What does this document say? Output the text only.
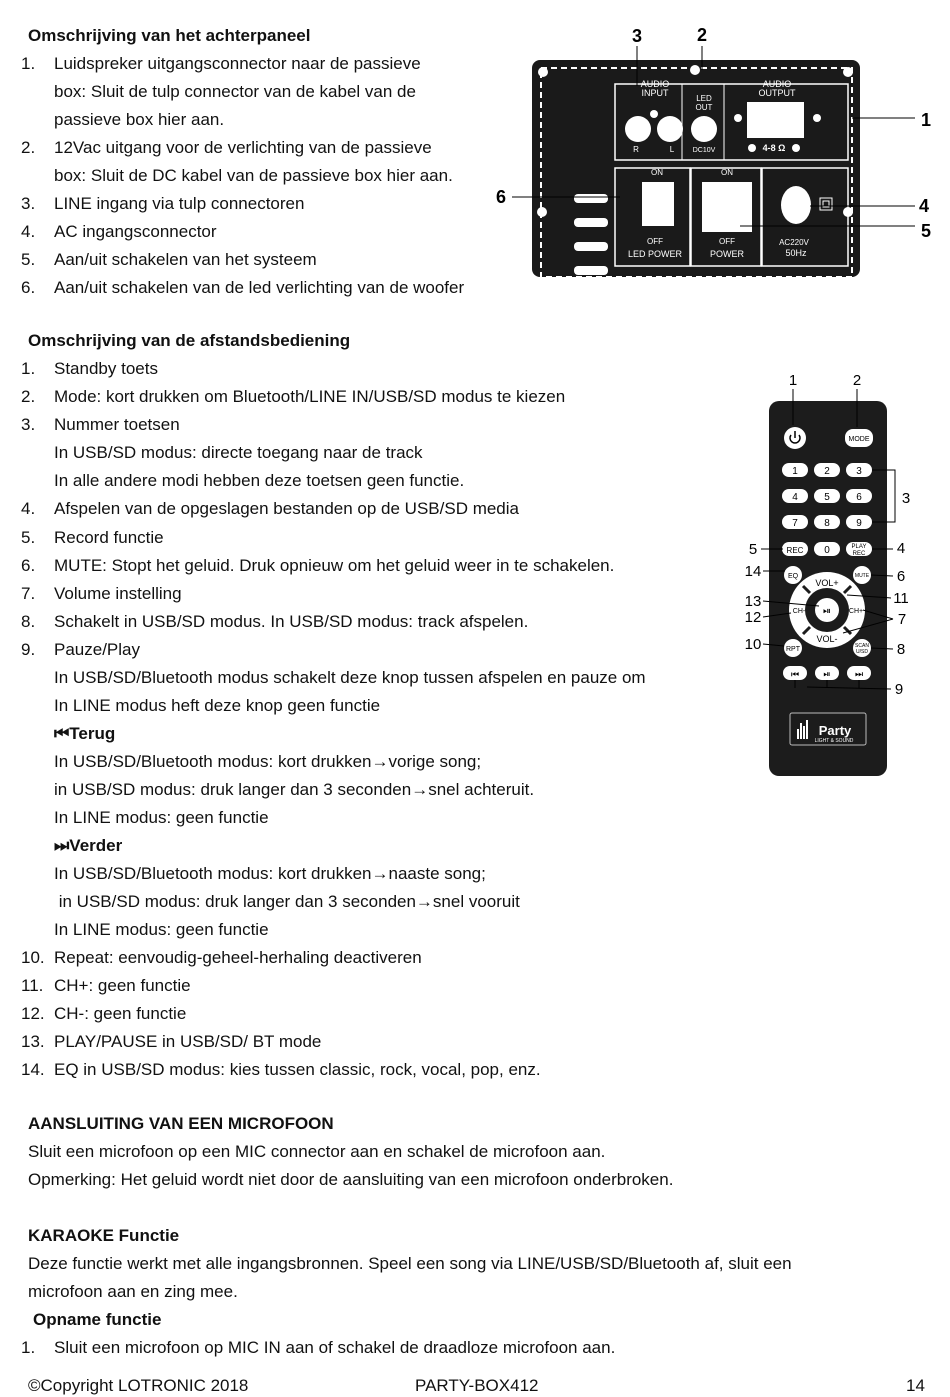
Omschrijving van het achterpaneel
1.	Luidspreker uitgangsconnector naar de passieve
box: Sluit de tulp connector van de kabel van de
passieve box hier aan.
2.	12Vac uitgang voor de verlichting van de passieve
box: Sluit de DC kabel van de passieve box hier aan.
3.	LINE ingang via tulp connectoren
4.	AC ingangsconnector
5.	Aan/uit schakelen van het systeem
6.	Aan/uit schakelen van de led verlichting van de woofer
AUDIO
INPUT
LED
OUT
AUDIO
OUTPUT
R	L	DC10V	4-8 Ω
ON
OFF
LED POWER
ON
OFF
POWER
AC220V
50Hz
3	2
1
6	4
5
Omschrijving van de afstandsbediening
1.	Standby toets
2.	Mode: kort drukken om Bluetooth/LINE IN/USB/SD modus te kiezen
3.	Nummer toetsen
In USB/SD modus: directe toegang naar de track
In alle andere modi hebben deze toetsen geen functie.
4.	Afspelen van de opgeslagen bestanden op de USB/SD media
5.	Record functie
6.	MUTE: Stopt het geluid. Druk opnieuw om het geluid weer in te schakelen.
7.	Volume instelling
8.	Schakelt in USB/SD modus. In USB/SD modus: track afspelen.
9.	Pauze/Play
In USB/SD/Bluetooth modus schakelt deze knop tussen afspelen en pauze om
In LINE modus heft deze knop geen functie
⏮Terug
In USB/SD/Bluetooth modus: kort drukken→vorige song;
in USB/SD modus: druk langer dan 3 seconden→snel achteruit.
In LINE modus: geen functie
⏭Verder
In USB/SD/Bluetooth modus: kort drukken→naaste song;
in USB/SD modus: druk langer dan 3 seconden→snel vooruit
In LINE modus: geen functie
10. Repeat: eenvoudig-geheel-herhaling deactiveren
11. CH+: geen functie
12. CH-: geen functie
13. PLAY/PAUSE in USB/SD/ BT mode
14. EQ in USB/SD modus: kies tussen classic, rock, vocal, pop, enz.
1	2
MODE
1	2	3
4	5	6
7	8	9
3
REC 0	PLAY
REC
EQ	MUTE
⏯
VOL+
VOL-
CH-	CH+
RPT	SCAN
U/SD
⏮	⏯	⏭
Party
LIGHT & SOUND
5
14
13
12
10
4
6
11
7
8
9
AANSLUITING VAN EEN MICROFOON
Sluit een microfoon op een MIC connector aan en schakel de microfoon aan.
Opmerking: Het geluid wordt niet door de aansluiting van een microfoon onderbroken.
KARAOKE Functie
Deze functie werkt met alle ingangsbronnen. Speel een song via LINE/USB/SD/Bluetooth af, sluit een
microfoon aan en zing mee.
Opname functie
1.	Sluit een microfoon op MIC IN aan of schakel de draadloze microfoon aan.
©Copyright LOTRONIC 2018	PARTY-BOX412	14
